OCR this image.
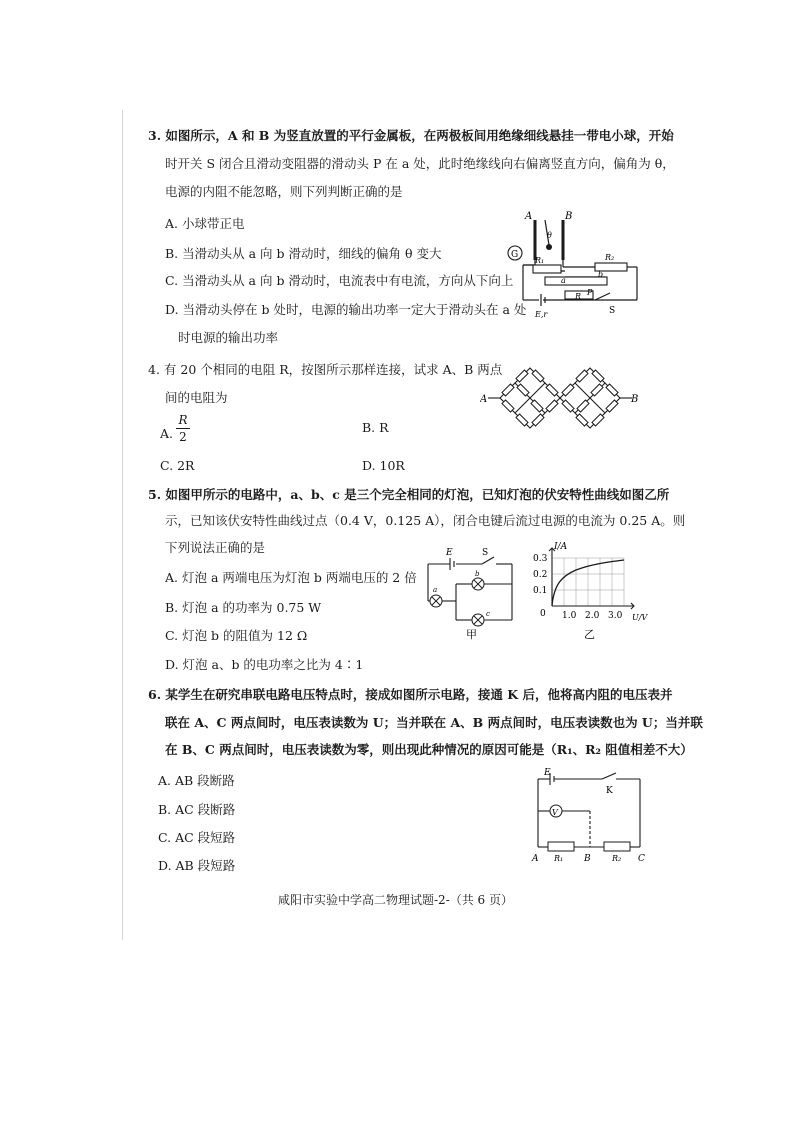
3. 如图所示，A 和 B 为竖直放置的平行金属板，在两极板间用绝缘细线悬挂一带电小球，开始
时开关 S 闭合且滑动变阻器的滑动头 P 在 a 处，此时绝缘线向右偏离竖直方向，偏角为 θ，
电源的内阻不能忽略，则下列判断正确的是
A. 小球带正电
B. 当滑动头从 a 向 b 滑动时，细线的偏角 θ 变大
C. 当滑动头从 a 向 b 滑动时，电流表中有电流，方向从下向上
D. 当滑动头停在 b 处时，电源的输出功率一定大于滑动头在 a 处
时电源的输出功率
G
A	B
θ
R₁	R₂
a
b
R P
E,r	S
4. 有 20 个相同的电阻 R，按图所示那样连接，试求 A、B 两点
间的电阻为
A.
R
2
B. R
C. 2R	D. 10R
A	B
5. 如图甲所示的电路中，a、b、c 是三个完全相同的灯泡，已知灯泡的伏安特性曲线如图乙所
示，已知该伏安特性曲线过点（0.4 V，0.125 A），闭合电键后流过电源的电流为 0.25 A。则
下列说法正确的是
A. 灯泡 a 两端电压为灯泡 b 两端电压的 2 倍
B. 灯泡 a 的功率为 0.75 W
C. 灯泡 b 的阻值为 12 Ω
D. 灯泡 a、b 的电功率之比为 4∶1
E	S
a
b
c
甲
I/A
U/V
0
0.3
0.2
0.1
1.0 2.0 3.0
乙
6. 某学生在研究串联电路电压特点时，接成如图所示电路，接通 K 后，他将高内阻的电压表并
联在 A、C 两点间时，电压表读数为 U；当并联在 A、B 两点间时，电压表读数也为 U；当并联
在 B、C 两点间时，电压表读数为零，则出现此种情况的原因可能是（R₁、R₂ 阻值相差不大）
A. AB 段断路
B. AC 段断路
C. AC 段短路
D. AB 段短路
V
E
K
A R₁ B	R₂ C
咸阳市实验中学高二物理试题-2-（共 6 页）
